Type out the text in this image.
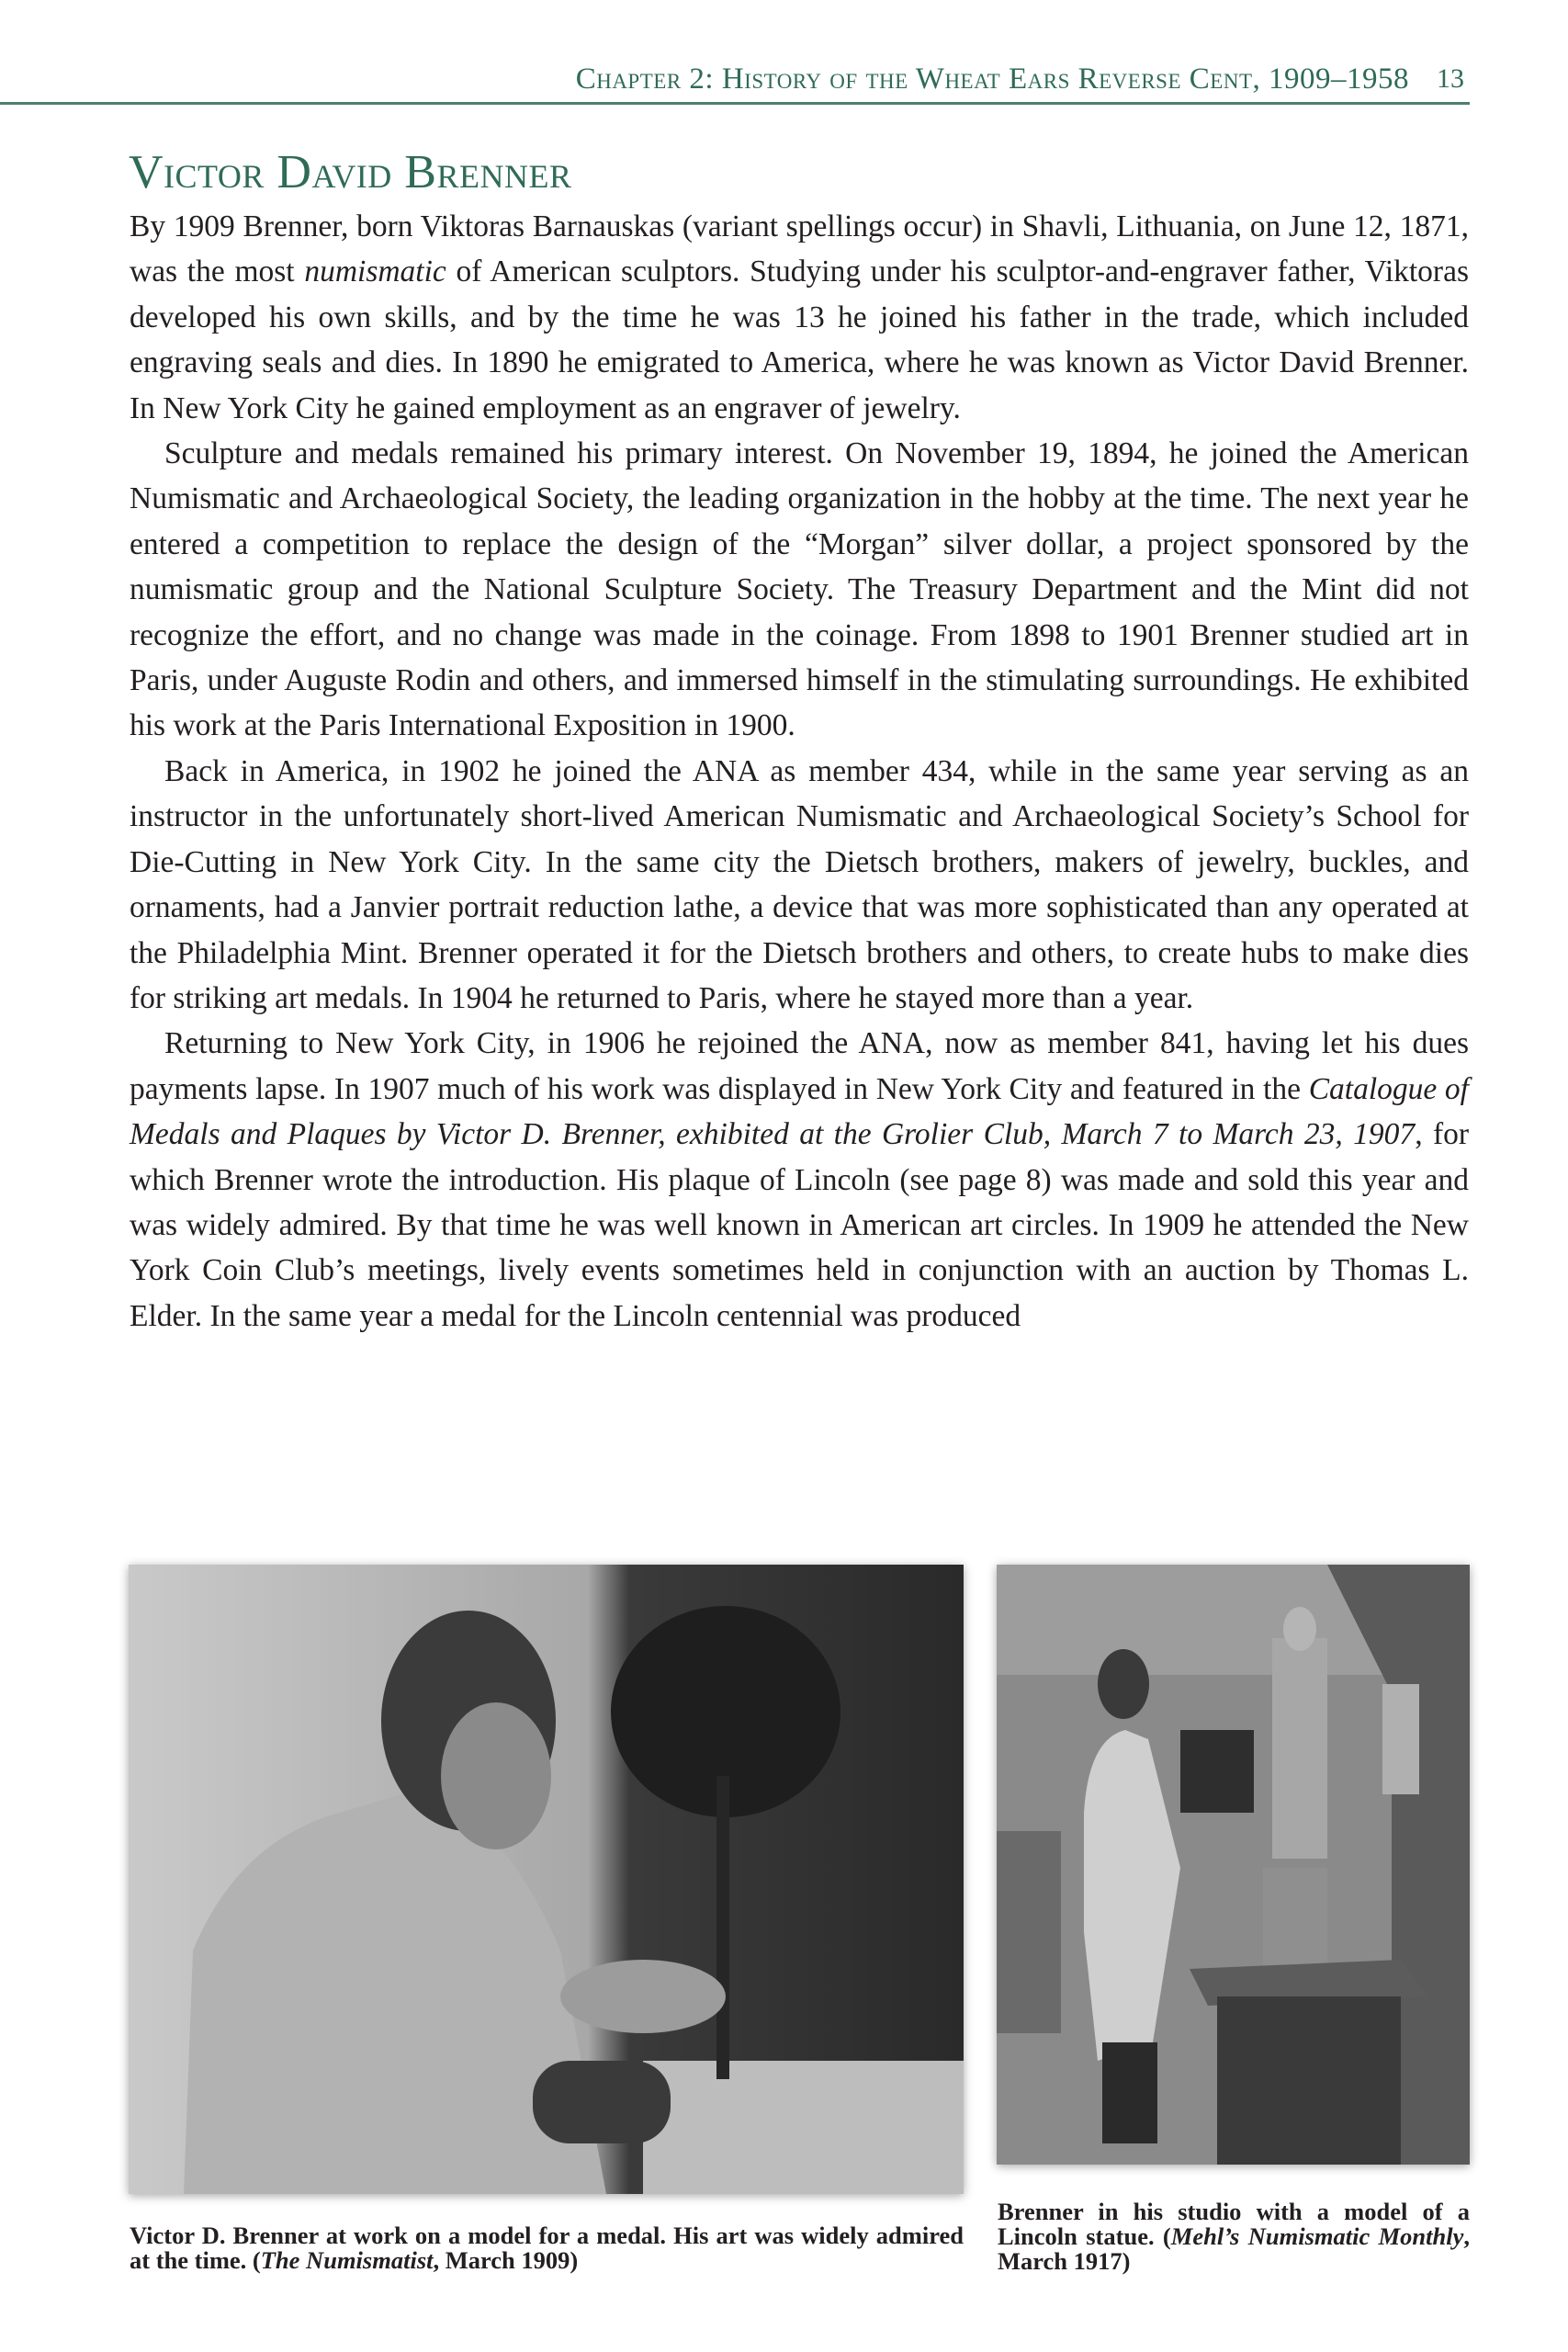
Chapter 2: History of the Wheat Ears Reverse Cent, 1909–1958 13
Victor David Brenner

By 1909 Brenner, born Viktoras Barnauskas (variant spellings occur) in Shavli, Lithuania, on June 12, 1871, was the most numismatic of American sculptors. Studying under his sculptor-and-engraver father, Viktoras developed his own skills, and by the time he was 13 he joined his father in the trade, which included engraving seals and dies. In 1890 he emigrated to America, where he was known as Victor David Brenner. In New York City he gained employment as an engraver of jewelry.

Sculpture and medals remained his primary interest. On November 19, 1894, he joined the American Numismatic and Archaeological Society, the leading organization in the hobby at the time. The next year he entered a competition to replace the design of the “Morgan” silver dollar, a project sponsored by the numismatic group and the National Sculpture Society. The Treasury Department and the Mint did not recognize the effort, and no change was made in the coinage. From 1898 to 1901 Brenner studied art in Paris, under Auguste Rodin and others, and immersed himself in the stimulating surroundings. He exhibited his work at the Paris International Exposition in 1900.

Back in America, in 1902 he joined the ANA as member 434, while in the same year serving as an instructor in the unfortunately short-lived American Numismatic and Archaeological Society’s School for Die-Cutting in New York City. In the same city the Dietsch brothers, makers of jewelry, buckles, and ornaments, had a Janvier portrait reduction lathe, a device that was more sophisticated than any operated at the Philadelphia Mint. Brenner operated it for the Dietsch brothers and others, to create hubs to make dies for striking art medals. In 1904 he returned to Paris, where he stayed more than a year.

Returning to New York City, in 1906 he rejoined the ANA, now as member 841, having let his dues payments lapse. In 1907 much of his work was displayed in New York City and featured in the Catalogue of Medals and Plaques by Victor D. Brenner, exhibited at the Grolier Club, March 7 to March 23, 1907, for which Brenner wrote the introduction. His plaque of Lincoln (see page 8) was made and sold this year and was widely admired. By that time he was well known in American art circles. In 1909 he attended the New York Coin Club’s meetings, lively events sometimes held in conjunction with an auction by Thomas L. Elder. In the same year a medal for the Lincoln centennial was produced

Victor D. Brenner at work on a model for a medal. His art was widely admired at the time. (The Numismatist, March 1909)
Brenner in his studio with a model of a Lincoln statue. (Mehl’s Numismatic Monthly, March 1917)
